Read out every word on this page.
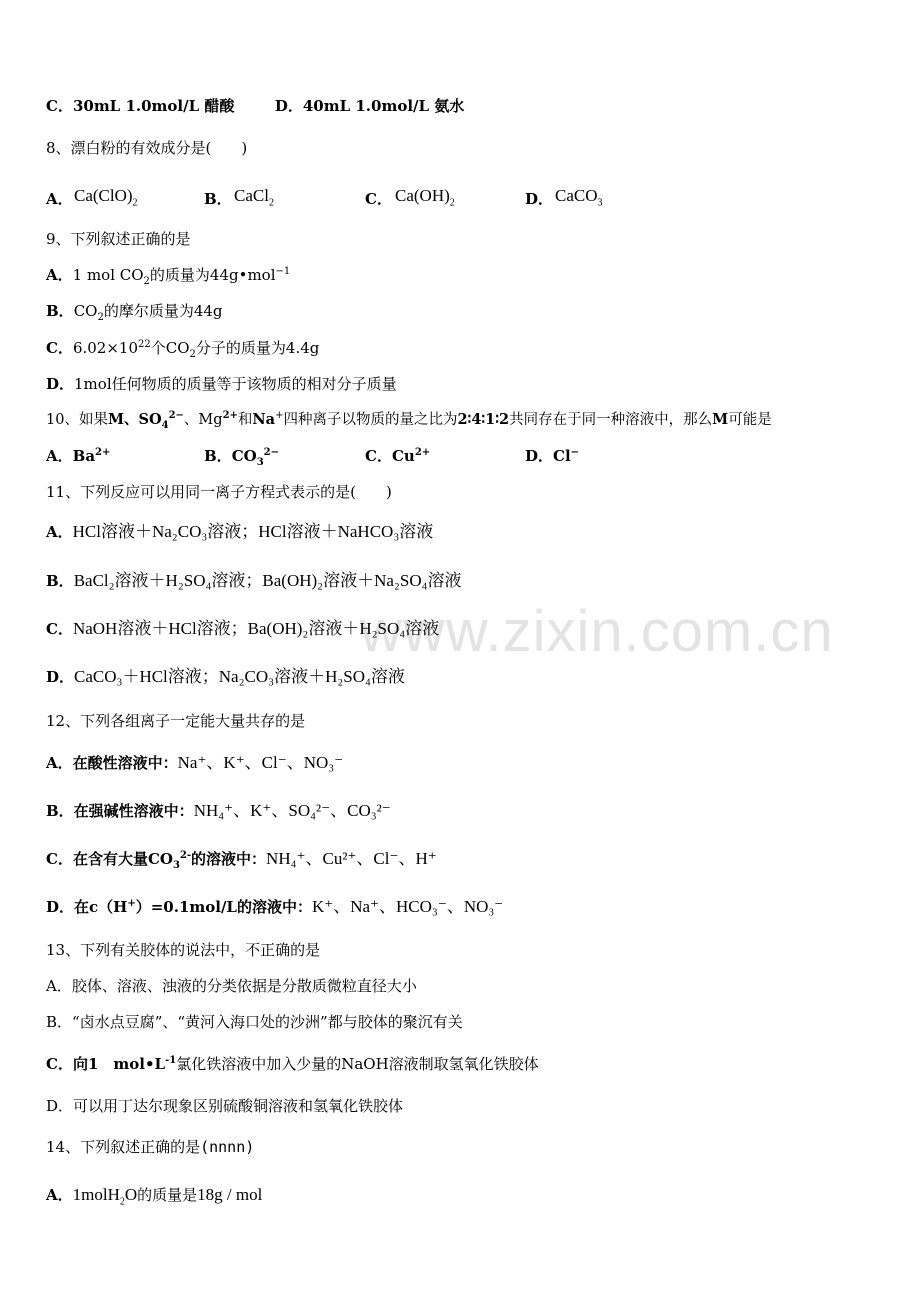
www.zixin.com.cn
C．30mL 1.0mol/L 醋酸	D．40mL 1.0mol/L 氨水
8、漂白粉的有效成分是(　　)
A． $Ca(ClO)_2$	B． CaCl$_2$	C． $Ca(OH)_2$	D． CaCO$_3$
9、下列叙述正确的是
A．1 mol $CO_2$的质量为44g•mol$^{-1}$
B．$CO_2$的摩尔质量为44g
C．$6.02\times 10^{22}$个$CO_2$分子的质量为4.4g
D．1mol任何物质的质量等于该物质的相对分子质量
10、如果M、$SO_4^{2-}$、$Mg^{2+}$和Na+四种离子以物质的量之比为2∶4∶1∶2共同存在于同一种溶液中，那么M可能是
A．$Ba^{2+}$	B．$CO_3^{2-}$	C．$Cu^{2+}$	D．Cl−
11、下列反应可以用同一离子方程式表示的是(　　)
A．HCl溶液＋Na₂CO₃溶液；HCl溶液＋NaHCO₃溶液
B．BaCl₂溶液＋H₂SO₄溶液；Ba(OH)₂溶液＋Na₂SO₄溶液
C．NaOH溶液＋HCl溶液；Ba(OH)₂溶液＋H₂SO₄溶液
D．CaCO₃＋HCl溶液；Na₂CO₃溶液＋H₂SO₄溶液
12、下列各组离子一定能大量共存的是
A．在酸性溶液中：Na⁺、K⁺、Cl⁻、NO₃⁻
B．在强碱性溶液中：NH₄⁺、K⁺、SO₄²⁻、CO₃²⁻
C．在含有大量$CO_3^{2-}$的溶液中：NH₄⁺、Cu²⁺、Cl⁻、H⁺
D．在c（H+）=0.1mol/L的溶液中：K⁺、Na⁺、HCO₃⁻、NO₃⁻
13、下列有关胶体的说法中，不正确的是
A．胶体、溶液、浊液的分类依据是分散质微粒直径大小
B．“卤水点豆腐”、“黄河入海口处的沙洲”都与胶体的聚沉有关
C．向1　$mol•L^{-1}$氯化铁溶液中加入少量的NaOH溶液制取氢氧化铁胶体
D．可以用丁达尔现象区别硫酸铜溶液和氢氧化铁胶体
14、下列叙述正确的是(nnnn)
A．1molH$_2$O的质量是18g / mol
